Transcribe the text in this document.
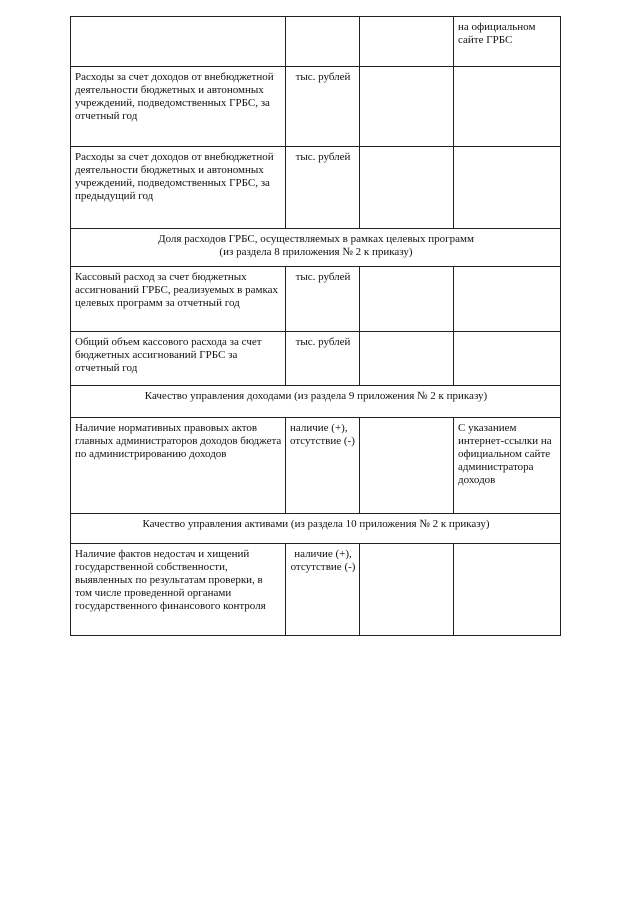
			на официальном сайте ГРБС
Расходы за счет доходов от внебюджетной деятельности бюджетных и автономных учреждений, подведомственных ГРБС, за отчетный год	тыс. рублей		
Расходы за счет доходов от внебюджетной деятельности бюджетных и автономных учреждений, подведомственных ГРБС, за предыдущий год	тыс. рублей		

Доля расходов ГРБС, осуществляемых в рамках целевых программ
(из раздела 8 приложения № 2 к приказу)			

Кассовый расход за счет бюджетных ассигнований ГРБС, реализуемых в рамках целевых программ за отчетный год	тыс. рублей		
Общий объем кассового расхода за счет бюджетных ассигнований ГРБС за отчетный год	тыс. рублей		

Качество управления доходами (из раздела 9 приложения № 2 к приказу)			

Наличие нормативных правовых актов главных администраторов доходов бюджета по администрированию доходов	наличие (+), отсутствие (-)		С указанием интернет-ссылки на официальном сайте администратора доходов

Качество управления активами (из раздела 10 приложения № 2 к приказу)			

Наличие фактов недостач и хищений государственной собственности, выявленных по результатам проверки, в том числе проведенной органами государственного финансового контроля	наличие (+), отсутствие (-)		
